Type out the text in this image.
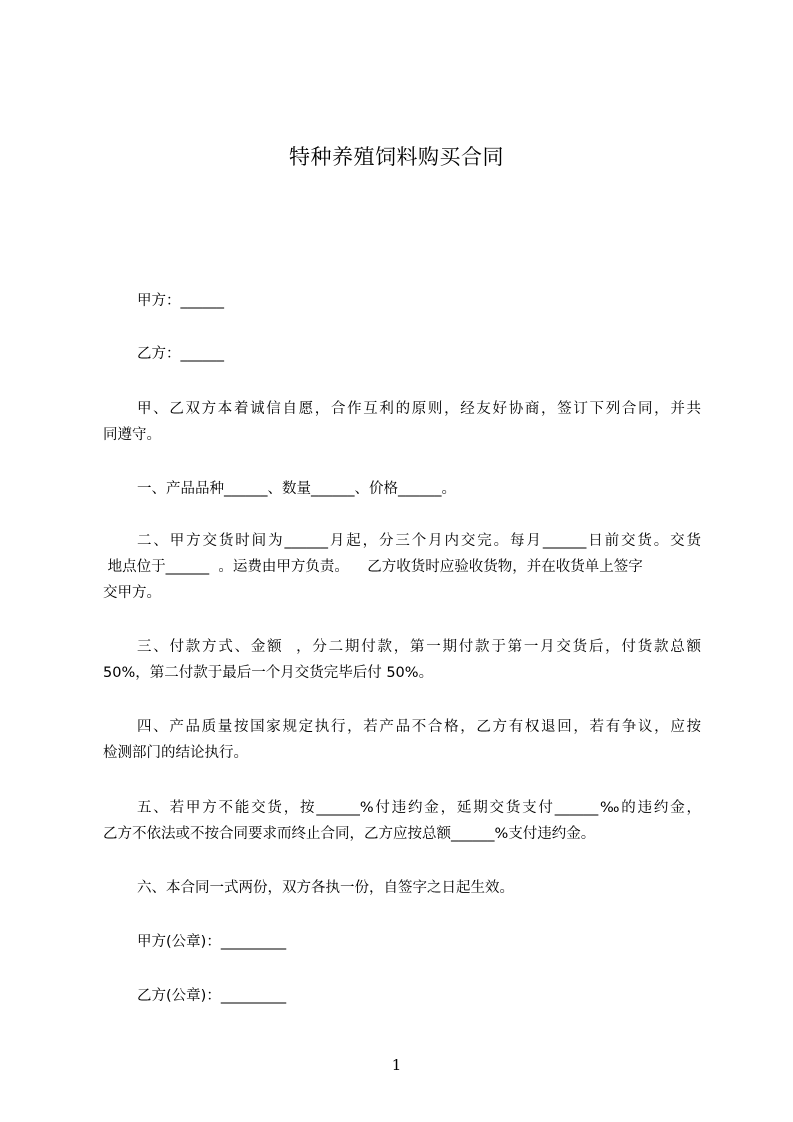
特种养殖饲料购买合同
甲方：______
乙方：______
甲、乙双方本着诚信自愿，合作互利的原则，经友好协商，签订下列合同，并共
同遵守。
一、产品品种______、数量______、价格______。
二、甲方交货时间为______月起，分三个月内交完。每月______日前交货。交货
地点位于______  。运费由甲方负责。    乙方收货时应验收货物，并在收货单上签字
交甲方。
三、付款方式、金额  ，分二期付款，第一期付款于第一月交货后，付货款总额
50%，第二付款于最后一个月交货完毕后付 50%。
四、产品质量按国家规定执行，若产品不合格，乙方有权退回，若有争议，应按
检测部门的结论执行。
五、若甲方不能交货，按______%付违约金，延期交货支付______‰的违约金，
乙方不依法或不按合同要求而终止合同，乙方应按总额______%支付违约金。
六、本合同一式两份，双方各执一份，自签字之日起生效。
甲方(公章)：_________
乙方(公章)：_________
1
